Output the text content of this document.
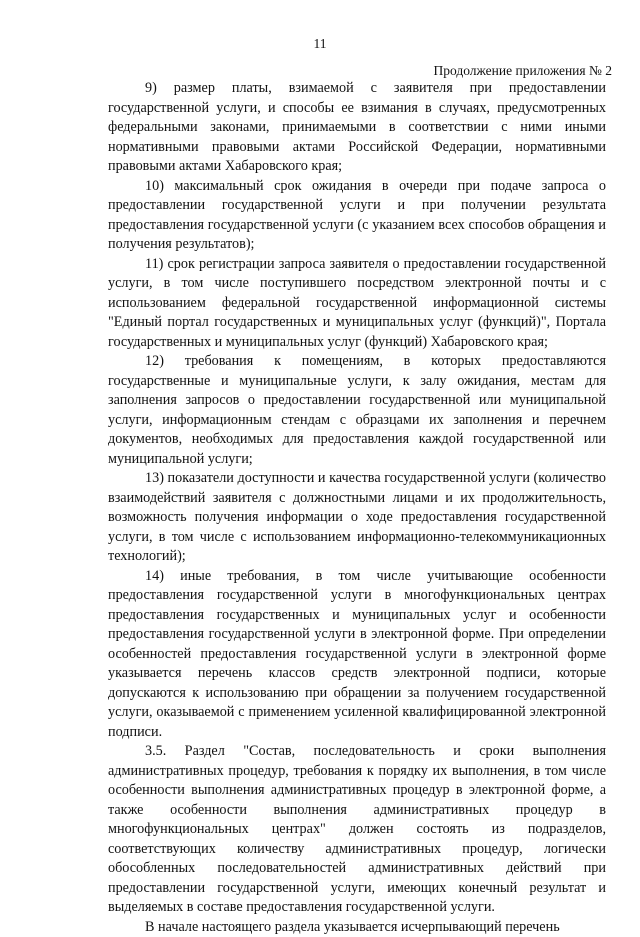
11
Продолжение приложения № 2

9) размер платы, взимаемой с заявителя при предоставлении государственной услуги, и способы ее взимания в случаях, предусмотренных федеральными законами, принимаемыми в соответствии с ними иными нормативными правовыми актами Российской Федерации, нормативными правовыми актами Хабаровского края;

10) максимальный срок ожидания в очереди при подаче запроса о предоставлении государственной услуги и при получении результата предоставления государственной услуги (с указанием всех способов обращения и получения результатов);

11) срок регистрации запроса заявителя о предоставлении государственной услуги, в том числе поступившего посредством электронной почты и с использованием федеральной государственной информационной системы "Единый портал государственных и муниципальных услуг (функций)", Портала государственных и муниципальных услуг (функций) Хабаровского края;

12) требования к помещениям, в которых предоставляются государственные и муниципальные услуги, к залу ожидания, местам для заполнения запросов о предоставлении государственной или муниципальной услуги, информационным стендам с образцами их заполнения и перечнем документов, необходимых для предоставления каждой государственной или муниципальной услуги;

13) показатели доступности и качества государственной услуги (количество взаимодействий заявителя с должностными лицами и их продолжительность, возможность получения информации о ходе предоставления государственной услуги, в том числе с использованием информационно-телекоммуникационных технологий);

14) иные требования, в том числе учитывающие особенности предоставления государственной услуги в многофункциональных центрах предоставления государственных и муниципальных услуг и особенности предоставления государственной услуги в электронной форме. При определении особенностей предоставления государственной услуги в электронной форме указывается перечень классов средств электронной подписи, которые допускаются к использованию при обращении за получением государственной услуги, оказываемой с применением усиленной квалифицированной электронной подписи.

3.5. Раздел "Состав, последовательность и сроки выполнения административных процедур, требования к порядку их выполнения, в том числе особенности выполнения административных процедур в электронной форме, а также особенности выполнения административных процедур в многофункциональных центрах" должен состоять из подразделов, соответствующих количеству административных процедур, логически обособленных последовательностей административных действий при предоставлении государственной услуги, имеющих конечный результат и выделяемых в составе предоставления государственной услуги.

В начале настоящего раздела указывается исчерпывающий перечень
